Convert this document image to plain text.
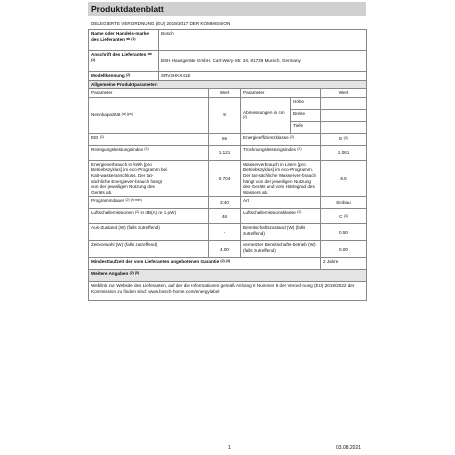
Produktdatenblatt
DELEGIERTE VERORDNUNG (EU) 2019/2017 DER KOMMISSION
Name oder Handels-marke des Lieferanten $^{ab (1)}$	Bosch				
Anschrift des Lieferanten $^{ab (1)}$	BSH Hausgeräte GmbH, Carl-Wery-Str. 34, 81739 Munich, Germany				
Modellkennung $^{(2)}$	SRV2HKX41E				
Allgemeine Produktparameter:					
Parameter		Wert	Parameter		Wert
Nennkapazität $^{(a) (ps)}$		9	Abmessungen in cm $^{(2)}$	Höhe	
				Breite	
				Tiefe	
EEI $^{(2)}$		56	Energieeffizienzklasse $^{(2)}$		E $^{(3)}$
Reinigungsleistungsindex $^{(2)}$		1.121	Trocknungsleistungsindex $^{(2)}$		1.061
Energieverbrauch in kWh [pro Betriebszyklus] im eco-Programm bei Kalt-wasseranschluss. Der tat-sächliche Energiever-brauch hängt von der jeweiligen Nutzung des Geräts ab.		0.704	Wasserverbrauch in Litern [pro Betriebszyklus] im eco-Programm. Der tat-sächliche Wasserver-brauch hängt von der jeweiligen Nutzung des Geräts und vom Härtegrad des Wassers ab.		8.5
Programmdauer $^{(2) (h:min)}$		3:40	Art		Einbau
Luftschallemissionen $^{(2)}$ in dB(A) re 1 pW)		46	Luftschallemissionsklasse $^{(2)}$		C $^{(3)}$
Aus-Zustand (W) (falls zutreffend)		-	Bereitschaftszustand (W) (falls zutreffend)		0.50
Zeitvorwahl (W) (falls zutreffend)		4.00	vernetzter Bereitschafts-betrieb (W) (falls zutreffend)		0.00
Mindestlaufzeit der vom Lieferanten angebotenen Garantie $^{(2) (4)}$					2 Jahre
Weitere Angaben $^{(2) (5)}$
Weblink zur Website des Lieferanten, auf der die Informationen gemäß Anhang II Nummer 6 der Verord-nung (EU) 2019/2022 der Kommission zu finden sind: www.bosch-home.com/energylabel					
1	03.08.2021
